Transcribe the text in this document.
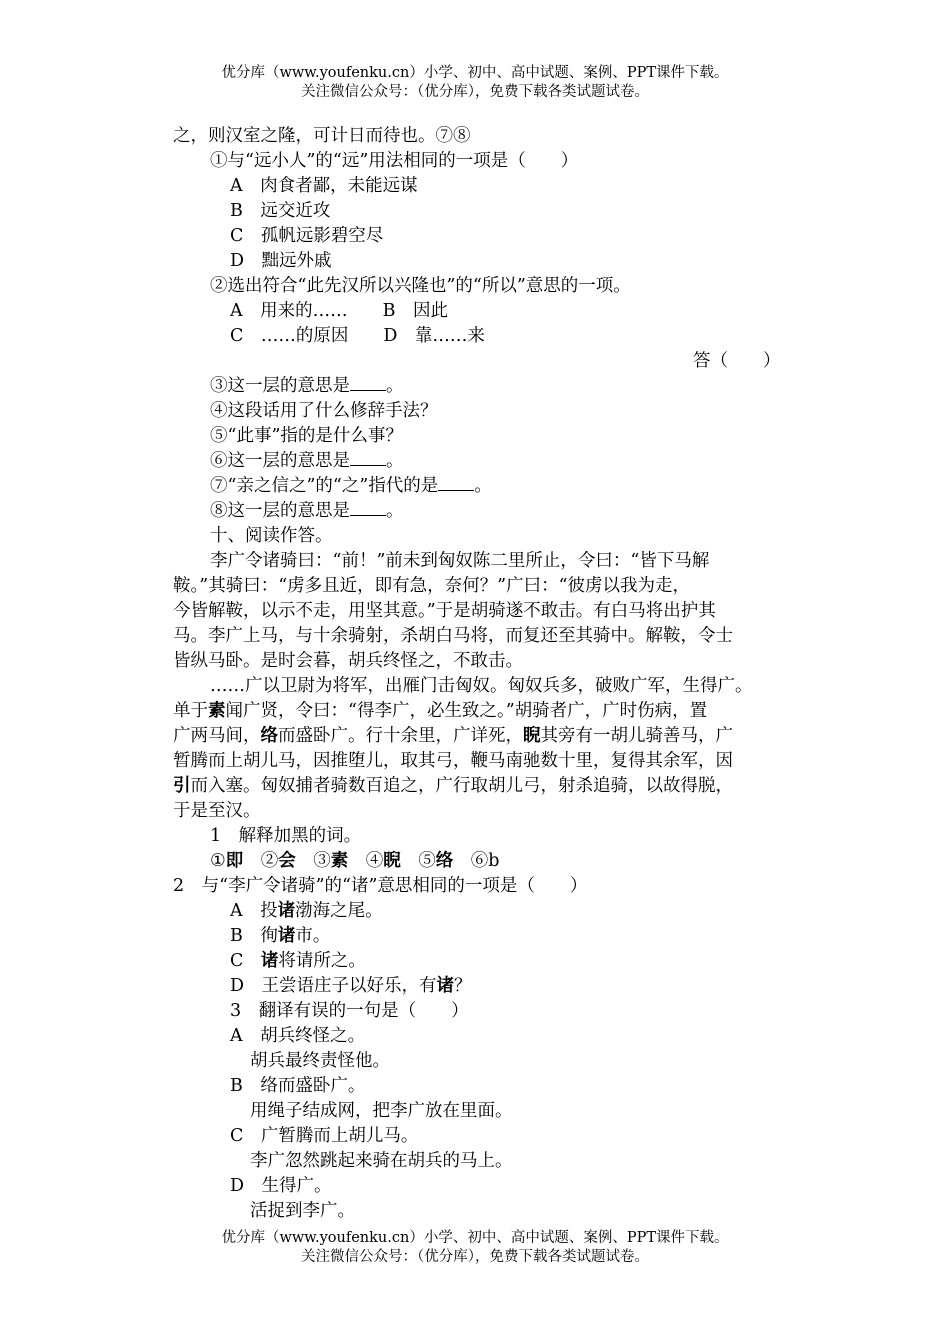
优分库（www.youfenku.cn）小学、初中、高中试题、案例、PPT课件下载。
关注微信公众号：（优分库），免费下载各类试题试卷。
之，则汉室之隆，可计日而待也。⑦⑧
①与“远小人”的“远”用法相同的一项是（　　）
A　肉食者鄙，未能远谋
B　远交近攻
C　孤帆远影碧空尽
D　黜远外戚
②选出符合“此先汉所以兴隆也”的“所以”意思的一项。
A　用来的……　　B　因此
C　……的原因　　D　靠……来
答（　　）
③这一层的意思是 。
④这段话用了什么修辞手法？
⑤“此事”指的是什么事？
⑥这一层的意思是 。
⑦“亲之信之”的“之”指代的是 。
⑧这一层的意思是 。
十、阅读作答。
李广令诸骑曰：“前！”前未到匈奴陈二里所止，令曰：“皆下马解
鞍。”其骑曰：“虏多且近，即有急，奈何？”广曰：“彼虏以我为走，
今皆解鞍，以示不走，用坚其意。”于是胡骑遂不敢击。有白马将出护其
马。李广上马，与十余骑射，杀胡白马将，而复还至其骑中。解鞍，令士
皆纵马卧。是时会暮，胡兵终怪之，不敢击。
……广以卫尉为将军，出雁门击匈奴。匈奴兵多，破败广军，生得广。
单于素闻广贤，令曰：“得李广，必生致之。”胡骑者广，广时伤病，置
广两马间，络而盛卧广。行十余里，广详死，睨其旁有一胡儿骑善马，广
暂腾而上胡儿马，因推堕儿，取其弓，鞭马南驰数十里，复得其余军，因
引而入塞。匈奴捕者骑数百追之，广行取胡儿弓，射杀追骑，以故得脱，
于是至汉。
1　解释加黑的词。
①即　②会　③素　④睨　⑤络　⑥b
2　与“李广令诸骑”的“诸”意思相同的一项是（　　）
A　投诸渤海之尾。
B　徇诸市。
C　诸将请所之。
D　王尝语庄子以好乐，有诸？
3　翻译有误的一句是（　　）
A　胡兵终怪之。
胡兵最终责怪他。
B　络而盛卧广。
用绳子结成网，把李广放在里面。
C　广暂腾而上胡儿马。
李广忽然跳起来骑在胡兵的马上。
D　生得广。
活捉到李广。
优分库（www.youfenku.cn）小学、初中、高中试题、案例、PPT课件下载。
关注微信公众号：（优分库），免费下载各类试题试卷。
